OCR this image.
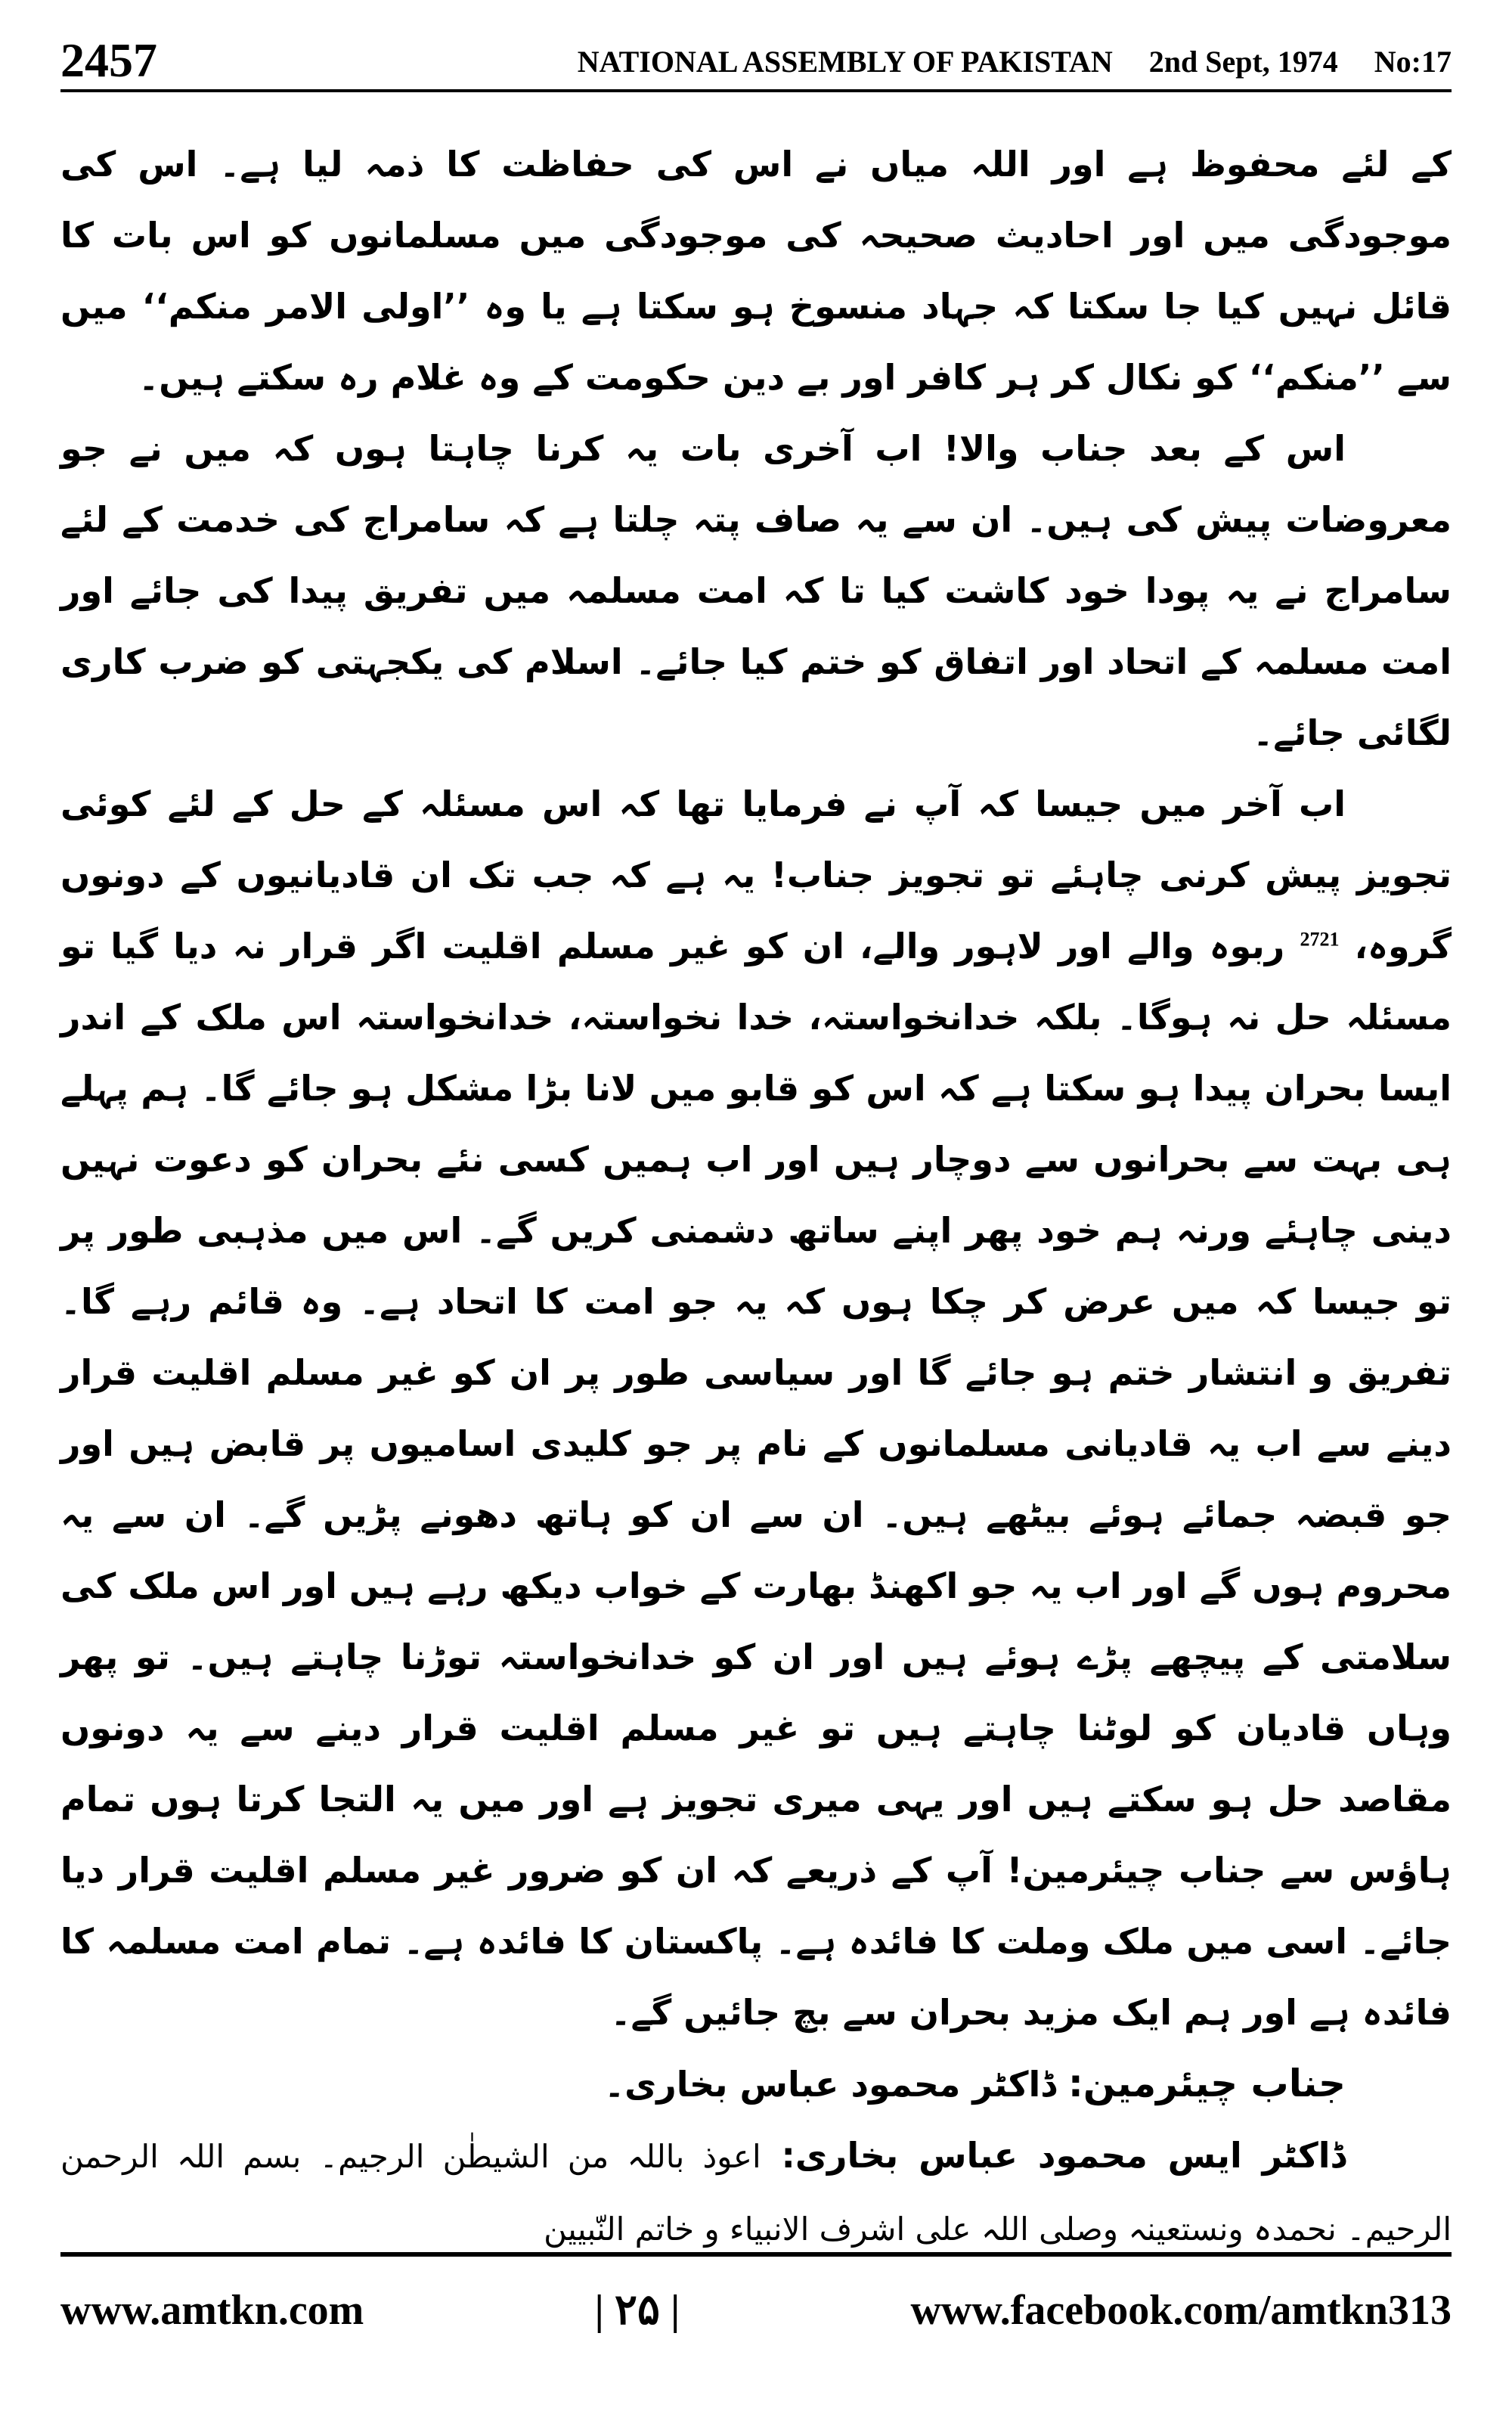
2457	NATIONAL ASSEMBLY OF PAKISTAN 2nd Sept, 1974 No:17

کے لئے محفوظ ہے اور اللہ میاں نے اس کی حفاظت کا ذمہ لیا ہے۔ اس کی موجودگی میں اور احادیث صحیحہ کی موجودگی میں مسلمانوں کو اس بات کا قائل نہیں کیا جا سکتا کہ جہاد منسوخ ہو سکتا ہے یا وہ ’’اولی الامر منکم‘‘ میں سے ’’منکم‘‘ کو نکال کر ہر کافر اور بے دین حکومت کے وہ غلام رہ سکتے ہیں۔

اس کے بعد جناب والا! اب آخری بات یہ کرنا چاہتا ہوں کہ میں نے جو معروضات پیش کی ہیں۔ ان سے یہ صاف پتہ چلتا ہے کہ سامراج کی خدمت کے لئے سامراج نے یہ پودا خود کاشت کیا تا کہ امت مسلمہ میں تفریق پیدا کی جائے اور امت مسلمہ کے اتحاد اور اتفاق کو ختم کیا جائے۔ اسلام کی یکجہتی کو ضرب کاری لگائی جائے۔

اب آخر میں جیسا کہ آپ نے فرمایا تھا کہ اس مسئلہ کے حل کے لئے کوئی تجویز پیش کرنی چاہئے تو تجویز جناب! یہ ہے کہ جب تک ان قادیانیوں کے دونوں گروہ، $^{2721}$ ربوہ والے اور لاہور والے، ان کو غیر مسلم اقلیت اگر قرار نہ دیا گیا تو مسئلہ حل نہ ہوگا۔ بلکہ خدانخواستہ، خدا نخواستہ، خدانخواستہ اس ملک کے اندر ایسا بحران پیدا ہو سکتا ہے کہ اس کو قابو میں لانا بڑا مشکل ہو جائے گا۔ ہم پہلے ہی بہت سے بحرانوں سے دوچار ہیں اور اب ہمیں کسی نئے بحران کو دعوت نہیں دینی چاہئے ورنہ ہم خود پھر اپنے ساتھ دشمنی کریں گے۔ اس میں مذہبی طور پر تو جیسا کہ میں عرض کر چکا ہوں کہ یہ جو امت کا اتحاد ہے۔ وہ قائم رہے گا۔ تفریق و انتشار ختم ہو جائے گا اور سیاسی طور پر ان کو غیر مسلم اقلیت قرار دینے سے اب یہ قادیانی مسلمانوں کے نام پر جو کلیدی اسامیوں پر قابض ہیں اور جو قبضہ جمائے ہوئے بیٹھے ہیں۔ ان سے ان کو ہاتھ دھونے پڑیں گے۔ ان سے یہ محروم ہوں گے اور اب یہ جو اکھنڈ بھارت کے خواب دیکھ رہے ہیں اور اس ملک کی سلامتی کے پیچھے پڑے ہوئے ہیں اور ان کو خدانخواستہ توڑنا چاہتے ہیں۔ تو پھر وہاں قادیان کو لوٹنا چاہتے ہیں تو غیر مسلم اقلیت قرار دینے سے یہ دونوں مقاصد حل ہو سکتے ہیں اور یہی میری تجویز ہے اور میں یہ التجا کرتا ہوں تمام ہاؤس سے جناب چیئرمین! آپ کے ذریعے کہ ان کو ضرور غیر مسلم اقلیت قرار دیا جائے۔ اسی میں ملک وملت کا فائدہ ہے۔ پاکستان کا فائدہ ہے۔ تمام امت مسلمہ کا فائدہ ہے اور ہم ایک مزید بحران سے بچ جائیں گے۔

جناب چیئرمین: ڈاکٹر محمود عباس بخاری۔

ڈاکٹر ایس محمود عباس بخاری: اعوذ باللہ من الشیطٰن الرجیم۔ بسم اللہ الرحمن الرحیم۔ نحمدہ ونستعینہ وصلی اللہ علی اشرف الانبیاء و خاتم النّبیین

www.amtkn.com	| ۲۵ |	www.facebook.com/amtkn313
